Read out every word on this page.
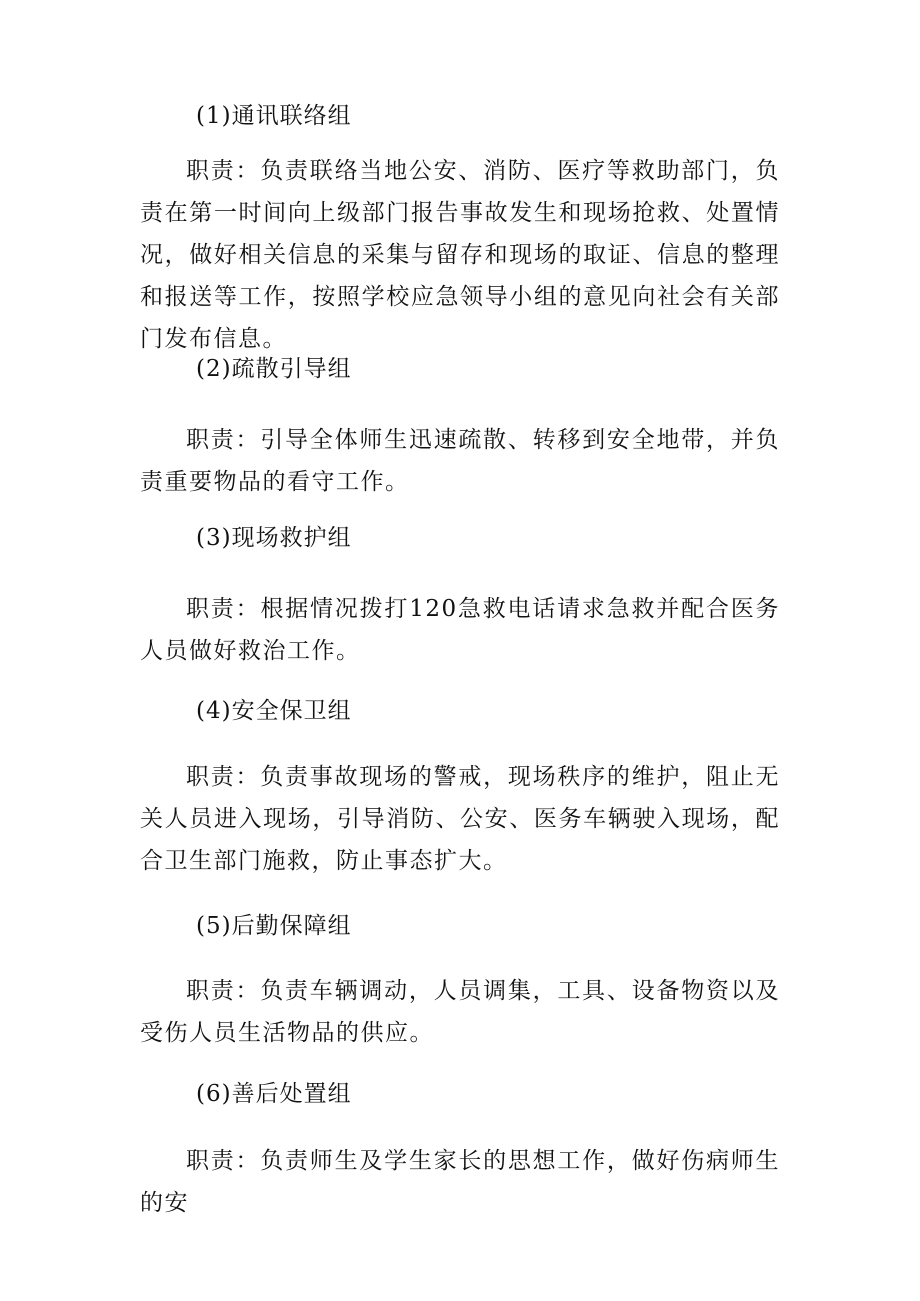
(1)通讯联络组

职责：负责联络当地公安、消防、医疗等救助部门，负责在第一时间向上级部门报告事故发生和现场抢救、处置情况，做好相关信息的采集与留存和现场的取证、信息的整理和报送等工作，按照学校应急领导小组的意见向社会有关部门发布信息。

(2)疏散引导组

职责：引导全体师生迅速疏散、转移到安全地带，并负责重要物品的看守工作。

(3)现场救护组

职责：根据情况拨打120急救电话请求急救并配合医务人员做好救治工作。

(4)安全保卫组

职责：负责事故现场的警戒，现场秩序的维护，阻止无关人员进入现场，引导消防、公安、医务车辆驶入现场，配合卫生部门施救，防止事态扩大。

(5)后勤保障组

职责：负责车辆调动，人员调集，工具、设备物资以及受伤人员生活物品的供应。

(6)善后处置组

职责：负责师生及学生家长的思想工作，做好伤病师生的安
